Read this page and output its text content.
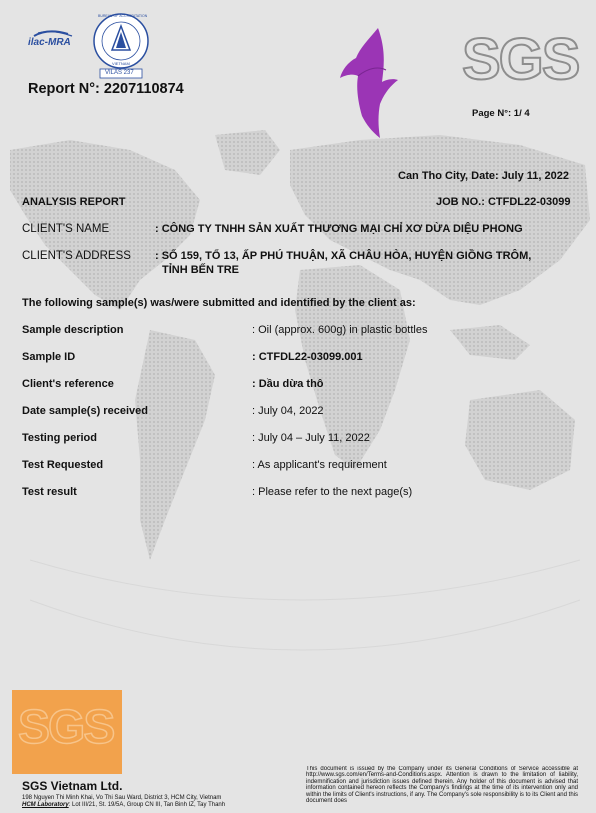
ilac-MRA
VILAS 237
BUREAU OF ACCREDITATION
VIETNAM
Report N°: 2207110874	SGS
Page N°: 1/ 4
Can Tho City, Date: July 11, 2022
ANALYSIS REPORT	JOB NO.: CTFDL22-03099
CLIENT'S NAME	: CÔNG TY TNHH SẢN XUẤT THƯƠNG MẠI CHỈ XƠ DỪA DIỆU PHONG
CLIENT'S ADDRESS : SỐ 159, TỔ 13, ẤP PHÚ THUẬN, XÃ CHÂU HÒA, HUYỆN GIỒNG TRÔM,
TỈNH BẾN TRE
The following sample(s) was/were submitted and identified by the client as:
Sample description	: Oil (approx. 600g) in plastic bottles
Sample ID	: CTFDL22-03099.001
Client's reference	: Dầu dừa thô
Date sample(s) received	: July 04, 2022
Testing period	: July 04 – July 11, 2022
Test Requested	: As applicant's requirement
Test result	: Please refer to the next page(s)
SGS
SGS Vietnam Ltd.
198 Nguyen Thi Minh Khai, Vo Thi Sau Ward, District 3, HCM City, Vietnam
HCM Laboratory: Lot III/21, St. 19/5A, Group CN III, Tan Binh IZ, Tay Thanh
This document is issued by the Company under its General Conditions of Service accessible at http://www.sgs.com/en/Terms-and-Conditions.aspx. Attention is drawn to the limitation of liability, indemnification and jurisdiction issues defined therein. Any holder of this document is advised that information contained hereon reflects the Company's findings at the time of its intervention only and within the limits of Client's instructions, if any. The Company's sole responsibility is to its Client and this document does
